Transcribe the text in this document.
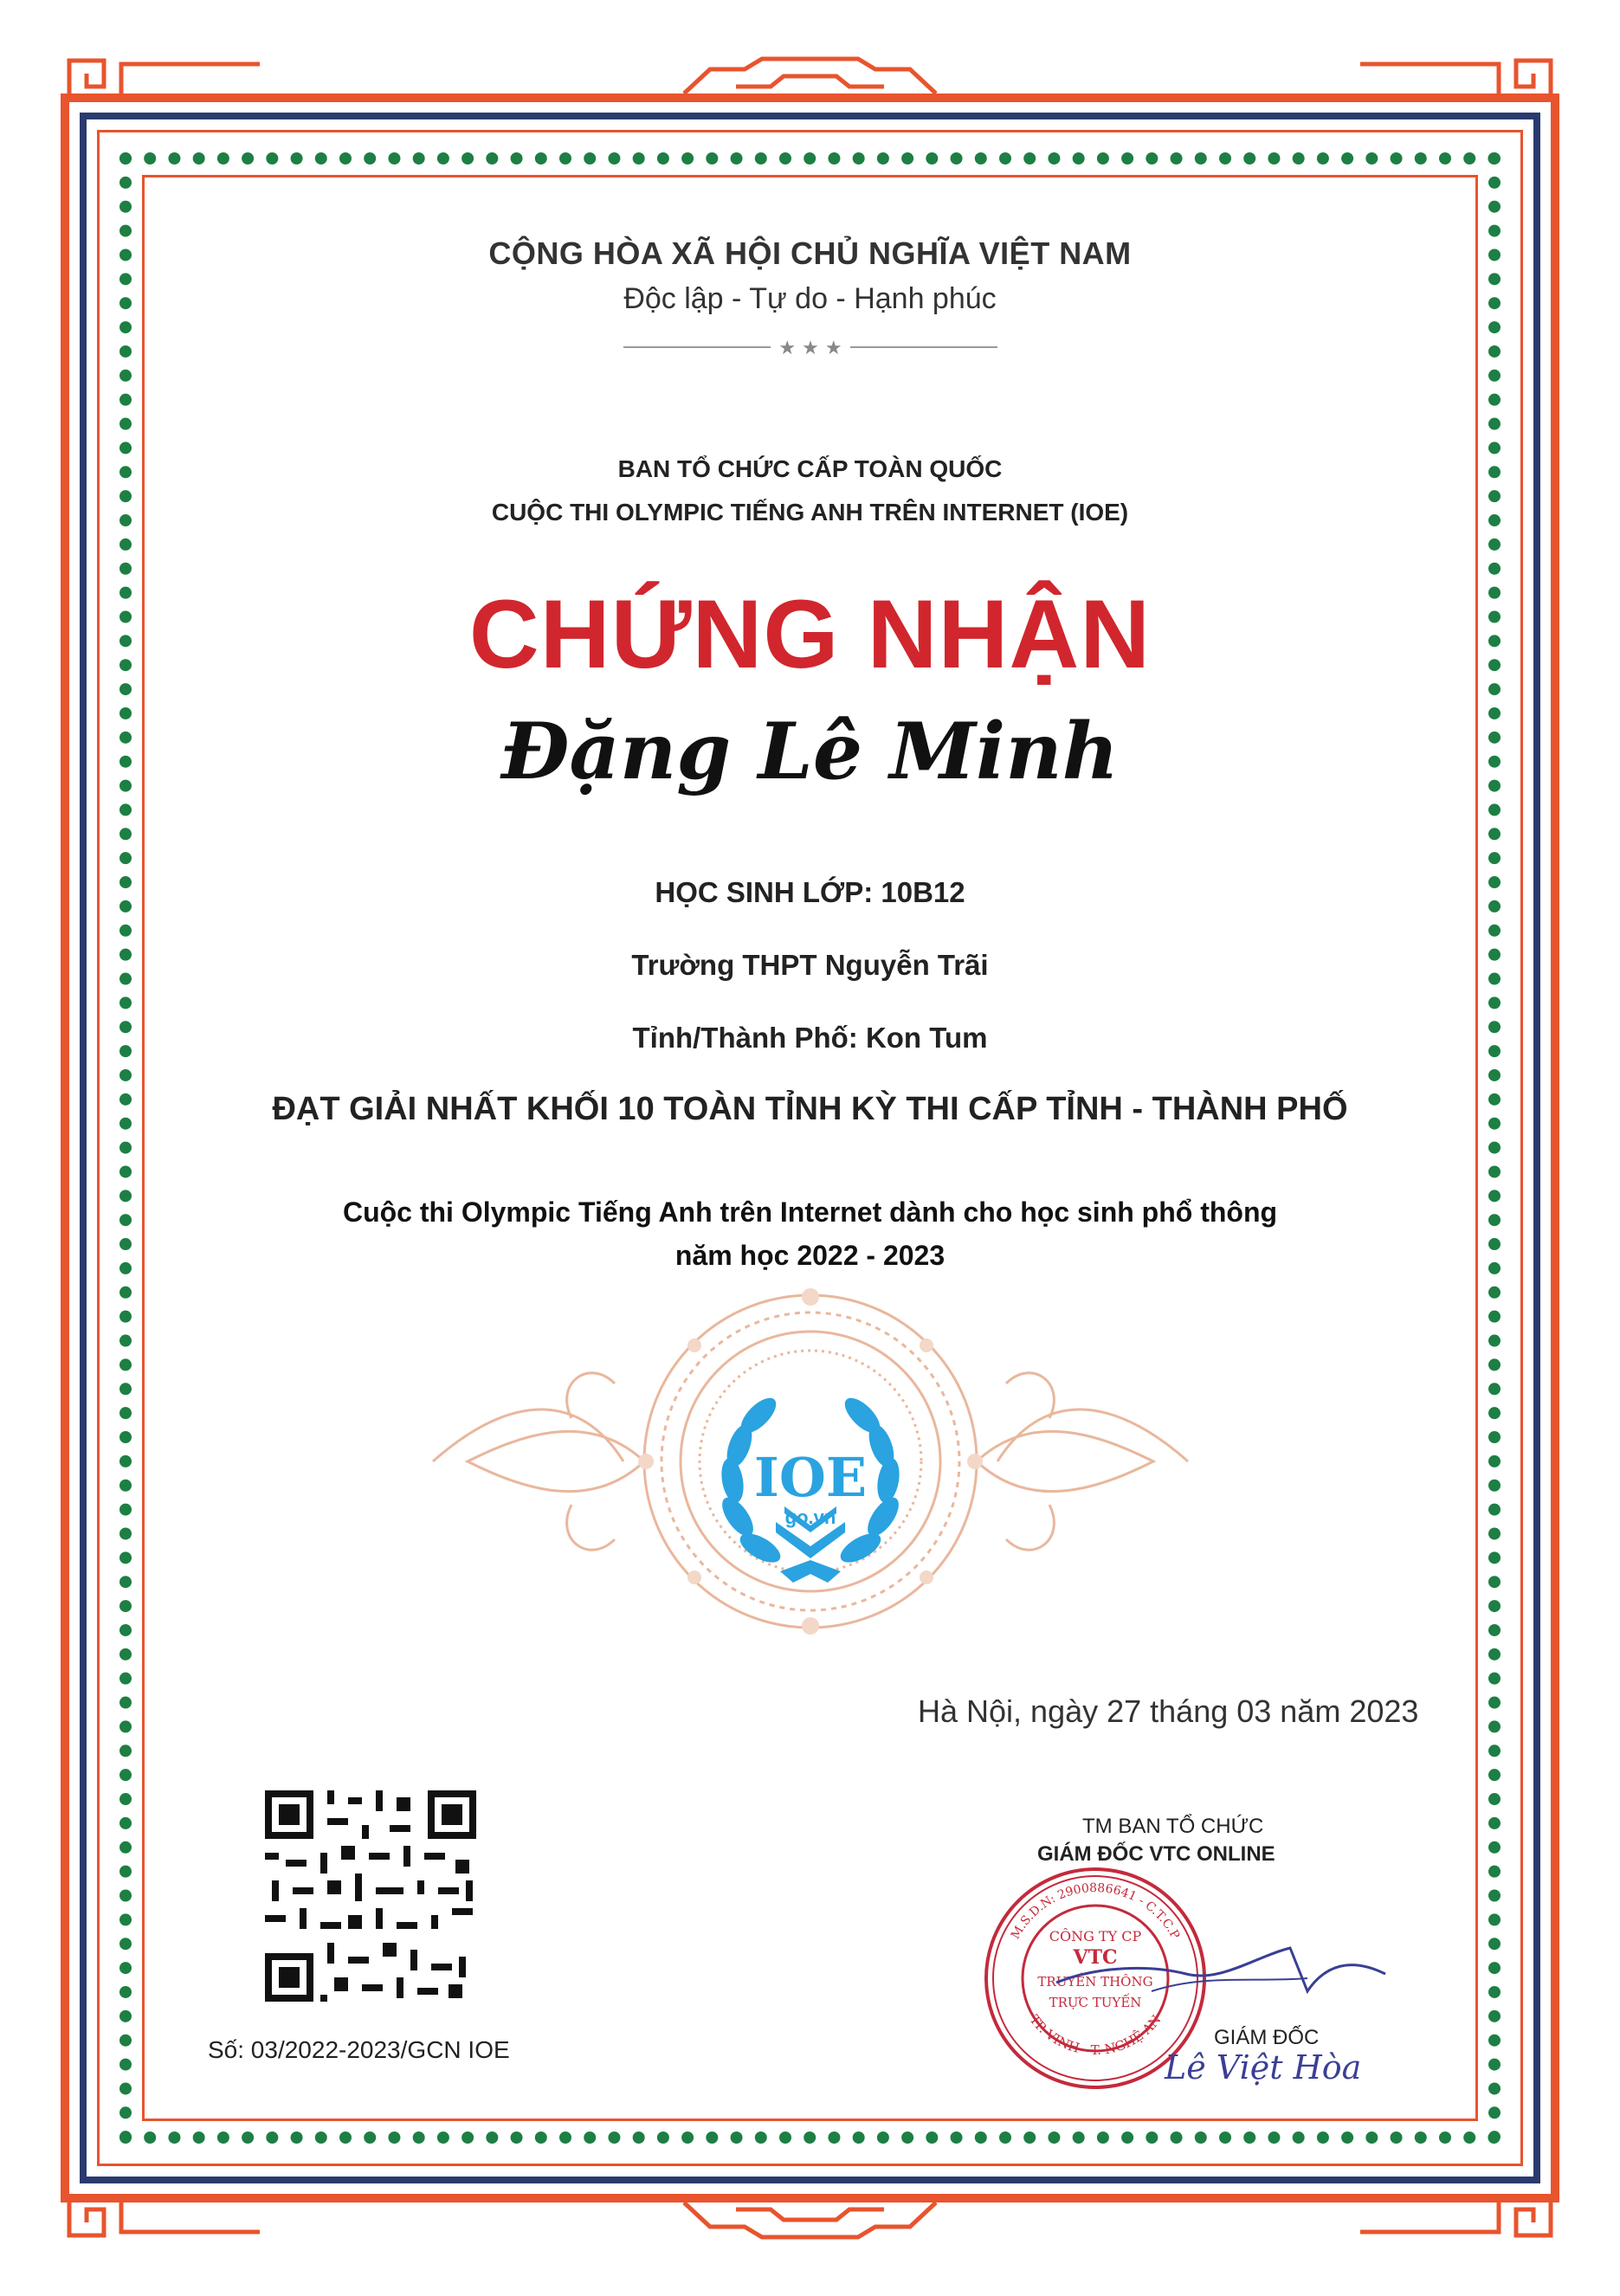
CỘNG HÒA XÃ HỘI CHỦ NGHĨA VIỆT NAM

Độc lập - Tự do - Hạnh phúc

★ ★ ★

BAN TỔ CHỨC CẤP TOÀN QUỐC

CUỘC THI OLYMPIC TIẾNG ANH TRÊN INTERNET (IOE)

CHỨNG NHẬN

Đặng Lê Minh

HỌC SINH LỚP: 10B12

Trường THPT Nguyễn Trãi

Tỉnh/Thành Phố: Kon Tum

ĐẠT GIẢI NHẤT KHỐI 10 TOÀN TỈNH KỲ THI CẤP TỈNH - THÀNH PHỐ

Cuộc thi Olympic Tiếng Anh trên Internet dành cho học sinh phổ thông

năm học 2022 - 2023

IOE
go.vn
Hà Nội, ngày 27 tháng 03 năm 2023
Số: 03/2022-2023/GCN IOE
TM BAN TỔ CHỨC
GIÁM ĐỐC VTC ONLINE
M.S.D.N: 2900886641 - C.T.C.P
TP. VINH - T. NGHỆ AN
CÔNG TY CP
VTC
TRUYỀN THÔNG
TRỰC TUYẾN
GIÁM ĐỐC
Lê Việt Hòa
